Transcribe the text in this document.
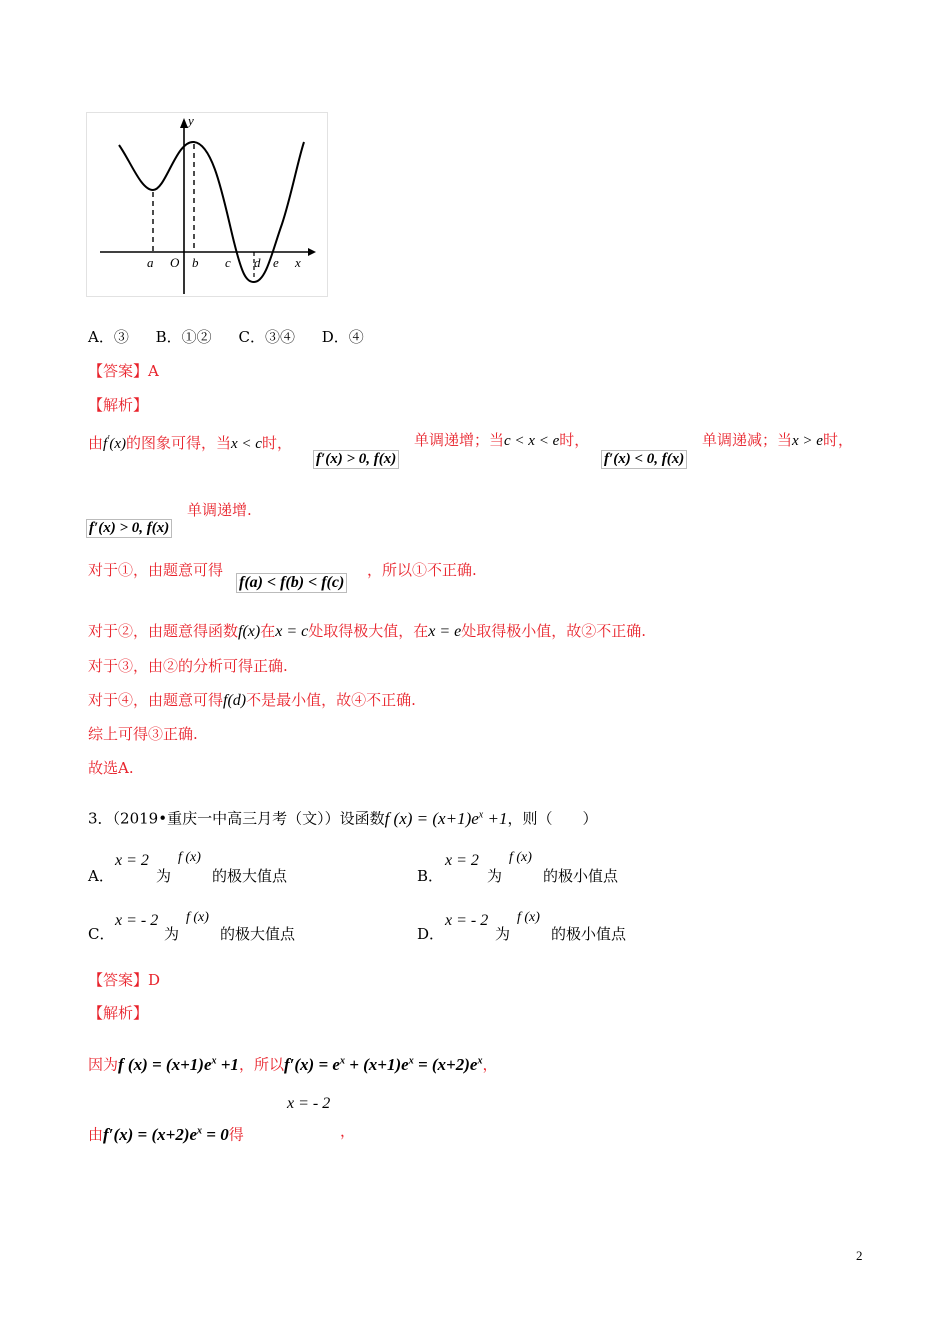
y
x
O
a	b c d e
A．③ B．①② C．③④ D．④
【答案】A
【解析】
由f'(x)的图象可得，当x < c时，
f′(x) > 0, f(x)
单调递增；当c < x < e时，
f′(x) < 0, f(x)
单调递减；当x > e时，
f′(x) > 0, f(x)
单调递增.
对于①，由题意可得
f(a) < f(b) < f(c)
，所以①不正确.
对于②，由题意得函数f(x)在x = c处取得极大值，在x = e处取得极小值，故②不正确.
对于③，由②的分析可得正确.
对于④，由题意可得f(d)不是最小值，故④不正确.
综上可得③正确.
故选A.
3．（2019•重庆一中高三月考（文））设函数f $(x) = (x+1)e^x +1$，则（　　）
A．
x = 2
为
f (x)
的极大值点	B．
x = 2
为
f (x)
的极小值点
C．
x = - 2
为
f (x)
的极大值点	D．
x = - 2
为
f (x)
的极小值点
【答案】D
【解析】
因为f $(x) = (x+1)e^x +1$，所以$f'(x) = e^x + (x+1)e^x = (x+2)e^x$，
由$f'(x) = (x+2)e^x = 0$得
x = - 2
，
2
